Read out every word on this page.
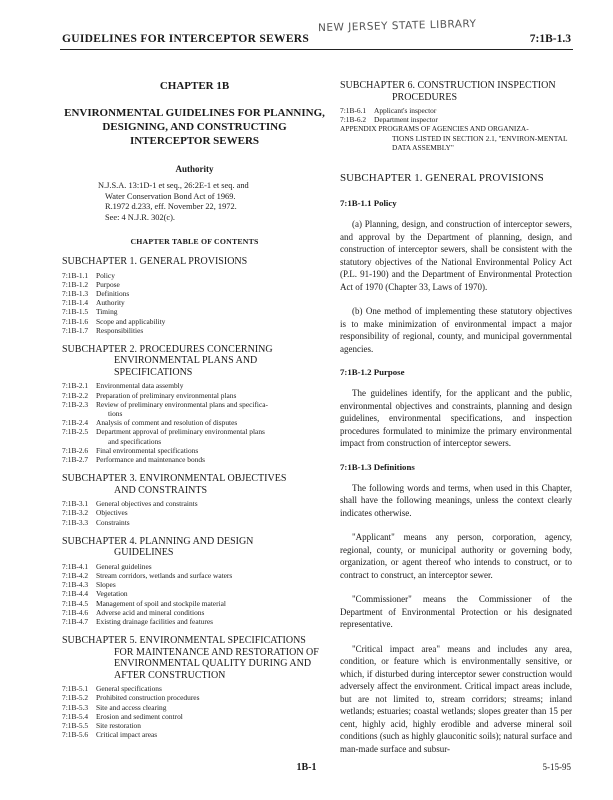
NEW JERSEY STATE LIBRARY
GUIDELINES FOR INTERCEPTOR SEWERS	7:1B-1.3
CHAPTER 1B
ENVIRONMENTAL GUIDELINES FOR PLANNING, DESIGNING, AND CONSTRUCTING INTERCEPTOR SEWERS
Authority
N.J.S.A. 13:1D-1 et seq., 26:2E-1 et seq. and
Water Conservation Bond Act of 1969.
R.1972 d.233, eff. November 22, 1972.
See: 4 N.J.R. 302(c).
CHAPTER TABLE OF CONTENTS
SUBCHAPTER 1. GENERAL PROVISIONS
7:1B-1.1	Policy
7:1B-1.2	Purpose
7:1B-1.3	Definitions
7:1B-1.4	Authority
7:1B-1.5	Timing
7:1B-1.6	Scope and applicability
7:1B-1.7	Responsibilities
SUBCHAPTER 2. PROCEDURES CONCERNING
ENVIRONMENTAL PLANS AND SPECIFICATIONS
7:1B-2.1	Environmental data assembly
7:1B-2.2	Preparation of preliminary environmental plans
7:1B-2.3	Review of preliminary environmental plans and specifica-
tions
7:1B-2.4	Analysis of comment and resolution of disputes
7:1B-2.5	Department approval of preliminary environmental plans
and specifications
7:1B-2.6	Final environmental specifications
7:1B-2.7	Performance and maintenance bonds
SUBCHAPTER 3. ENVIRONMENTAL OBJECTIVES
AND CONSTRAINTS
7:1B-3.1	General objectives and constraints
7:1B-3.2	Objectives
7:1B-3.3	Constraints
SUBCHAPTER 4. PLANNING AND DESIGN
GUIDELINES
7:1B-4.1	General guidelines
7:1B-4.2	Stream corridors, wetlands and surface waters
7:1B-4.3	Slopes
7:1B-4.4	Vegetation
7:1B-4.5	Management of spoil and stockpile material
7:1B-4.6	Adverse acid and mineral conditions
7:1B-4.7	Existing drainage facilities and features
SUBCHAPTER 5. ENVIRONMENTAL SPECIFICATIONS
FOR MAINTENANCE AND RESTORATION OF ENVIRONMENTAL QUALITY DURING AND AFTER CONSTRUCTION
7:1B-5.1	General specifications
7:1B-5.2	Prohibited construction procedures
7:1B-5.3	Site and access clearing
7:1B-5.4	Erosion and sediment control
7:1B-5.5	Site restoration
7:1B-5.6	Critical impact areas
SUBCHAPTER 6. CONSTRUCTION INSPECTION
PROCEDURES
7:1B-6.1	Applicant's inspector
7:1B-6.2	Department inspector
APPENDIX PROGRAMS OF AGENCIES AND ORGANIZA-
TIONS LISTED IN SECTION 2.1, "ENVIRON-MENTAL DATA ASSEMBLY"
SUBCHAPTER 1. GENERAL PROVISIONS
7:1B-1.1 Policy

(a) Planning, design, and construction of interceptor sewers, and approval by the Department of planning, design, and construction of interceptor sewers, shall be consistent with the statutory objectives of the National Environmental Policy Act (P.L. 91-190) and the Department of Environmental Protection Act of 1970 (Chapter 33, Laws of 1970).

(b) One method of implementing these statutory objectives is to make minimization of environmental impact a major responsibility of regional, county, and municipal governmental agencies.

7:1B-1.2 Purpose

The guidelines identify, for the applicant and the public, environmental objectives and constraints, planning and design guidelines, environmental specifications, and inspection procedures formulated to minimize the primary environmental impact from construction of interceptor sewers.

7:1B-1.3 Definitions

The following words and terms, when used in this Chapter, shall have the following meanings, unless the context clearly indicates otherwise.

"Applicant" means any person, corporation, agency, regional, county, or municipal authority or governing body, organization, or agent thereof who intends to construct, or to contract to construct, an interceptor sewer.

"Commissioner" means the Commissioner of the Department of Environmental Protection or his designated representative.

"Critical impact area" means and includes any area, condition, or feature which is environmentally sensitive, or which, if disturbed during interceptor sewer construction would adversely affect the environment. Critical impact areas include, but are not limited to, stream corridors; streams; inland wetlands; estuaries; coastal wetlands; slopes greater than 15 per cent, highly acid, highly erodible and adverse mineral soil conditions (such as highly glauconitic soils); natural surface and man-made surface and subsur-

1B-1	5-15-95
